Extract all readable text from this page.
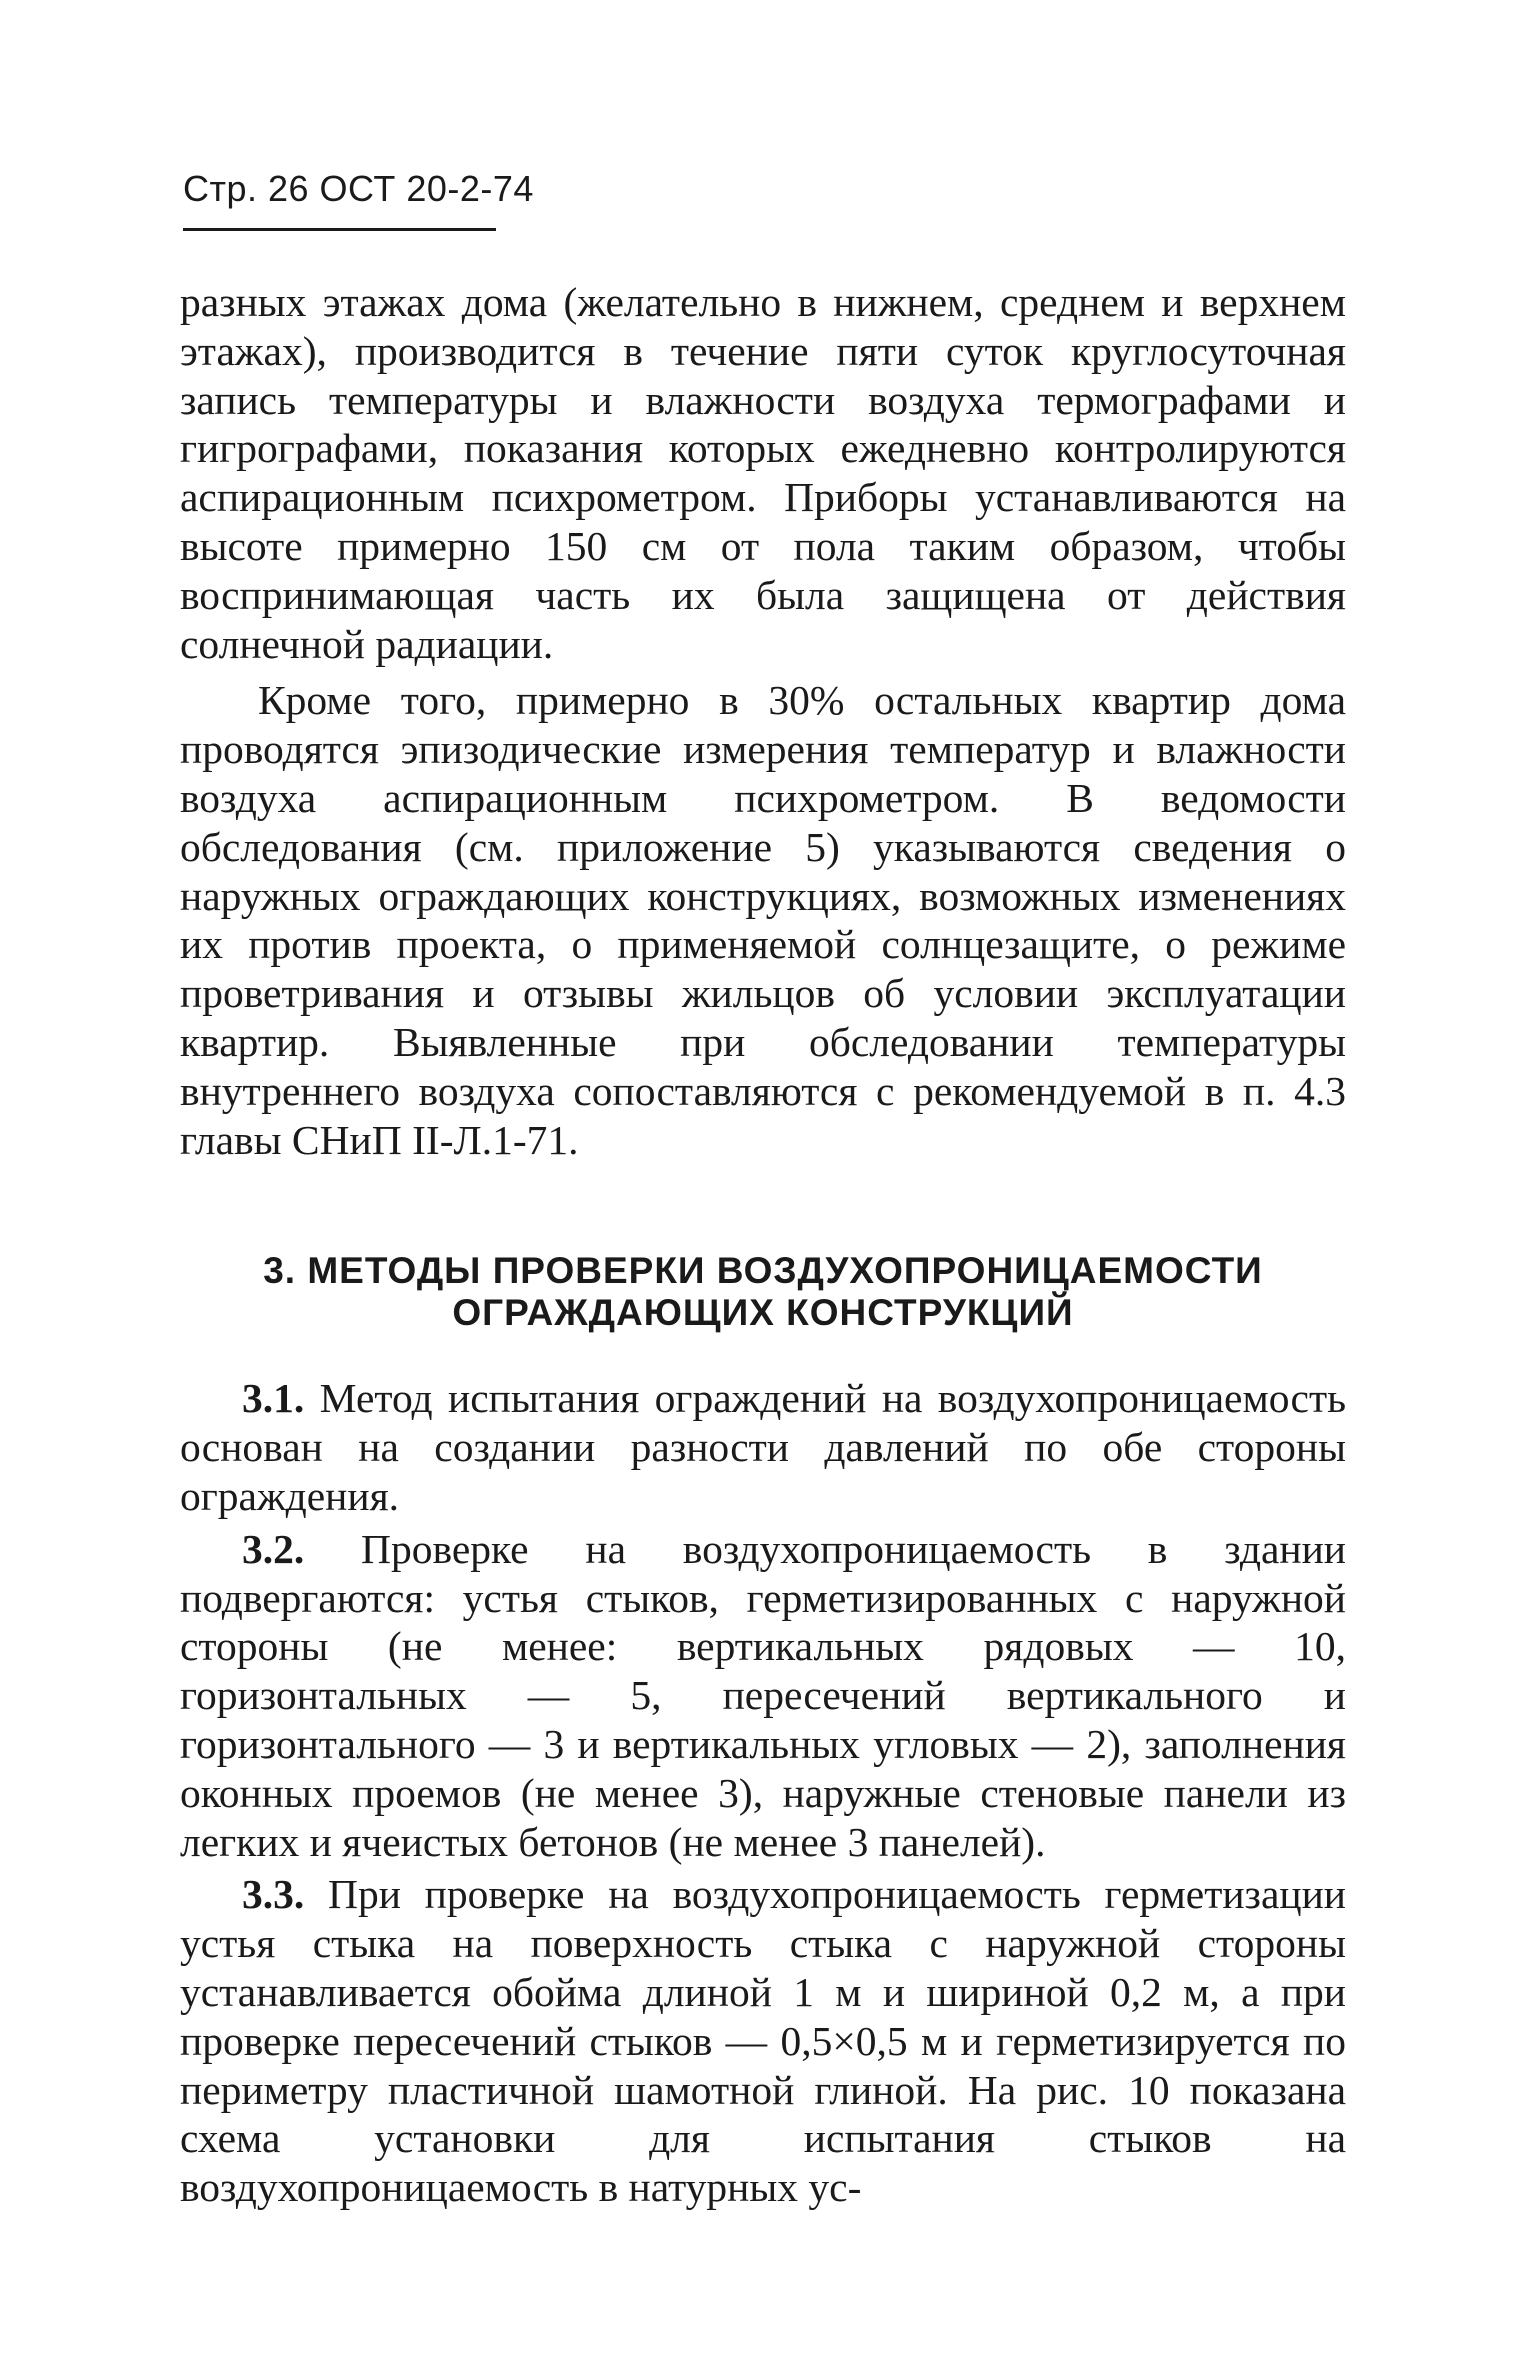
Стр. 26 ОСТ 20-2-74

разных этажах дома (желательно в нижнем, среднем и верхнем этажах), производится в течение пяти суток круглосуточная запись температуры и влажности воздуха термографами и гигрографами, показания которых ежедневно контролируются аспирационным психрометром. Приборы устанавливаются на высоте примерно 150 см от пола таким образом, чтобы воспринимающая часть их была защищена от действия солнечной радиации.

Кроме того, примерно в 30% остальных квартир дома проводятся эпизодические измерения температур и влажности воздуха аспирационным психрометром. В ведомости обследования (см. приложение 5) указываются сведения о наружных ограждающих конструкциях, возможных изменениях их против проекта, о применяемой солнцезащите, о режиме проветривания и отзывы жильцов об условии эксплуатации квартир. Выявленные при обследовании температуры внутреннего воздуха сопоставляются с рекомендуемой в п. 4.3 главы СНиП II-Л.1-71.

3. МЕТОДЫ ПРОВЕРКИ ВОЗДУХОПРОНИЦАЕМОСТИ
ОГРАЖДАЮЩИХ КОНСТРУКЦИЙ

3.1. Метод испытания ограждений на воздухопроницаемость основан на создании разности давлений по обе стороны ограждения.

3.2. Проверке на воздухопроницаемость в здании подвергаются: устья стыков, герметизированных с наружной стороны (не менее: вертикальных рядовых — 10, горизонтальных — 5, пересечений вертикального и горизонтального — 3 и вертикальных угловых — 2), заполнения оконных проемов (не менее 3), наружные стеновые панели из легких и ячеистых бетонов (не менее 3 панелей).

3.3. При проверке на воздухопроницаемость герметизации устья стыка на поверхность стыка с наружной стороны устанавливается обойма длиной 1 м и шириной 0,2 м, а при проверке пересечений стыков — 0,5×0,5 м и герметизируется по периметру пластичной шамотной глиной. На рис. 10 показана схема установки для испытания стыков на воздухопроницаемость в натурных ус-
